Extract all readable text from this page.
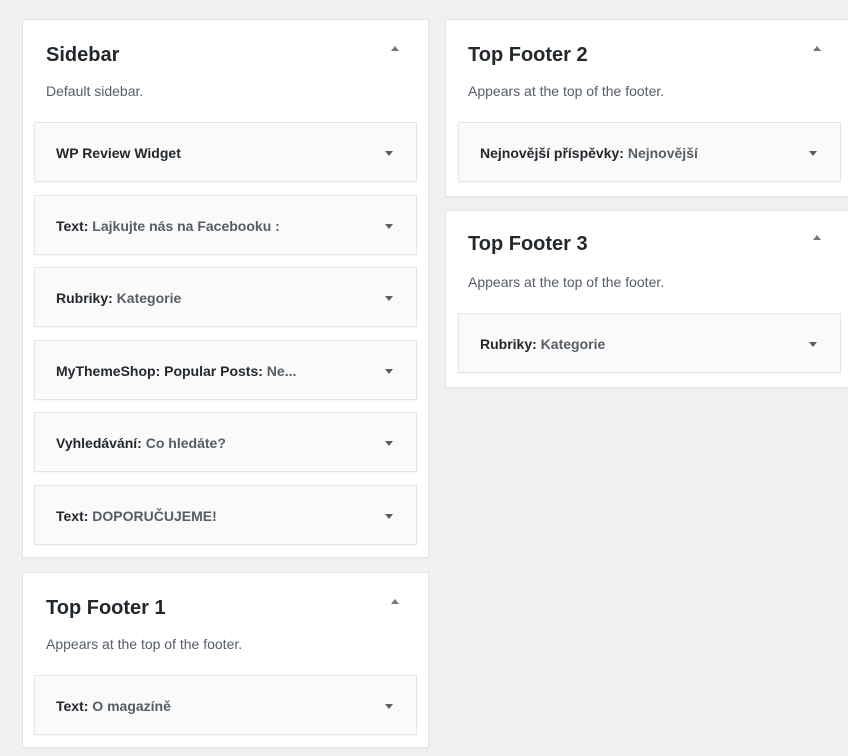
Sidebar
Default sidebar.
WP Review Widget
Text: Lajkujte nás na Facebooku :
Rubriky: Kategorie
MyThemeShop: Popular Posts: Ne...
Vyhledávání: Co hledáte?
Text: DOPORUČUJEME!
Top Footer 1
Appears at the top of the footer.
Text: O magazíně
Top Footer 2
Appears at the top of the footer.
Nejnovější příspěvky: Nejnovější
Top Footer 3
Appears at the top of the footer.
Rubriky: Kategorie
